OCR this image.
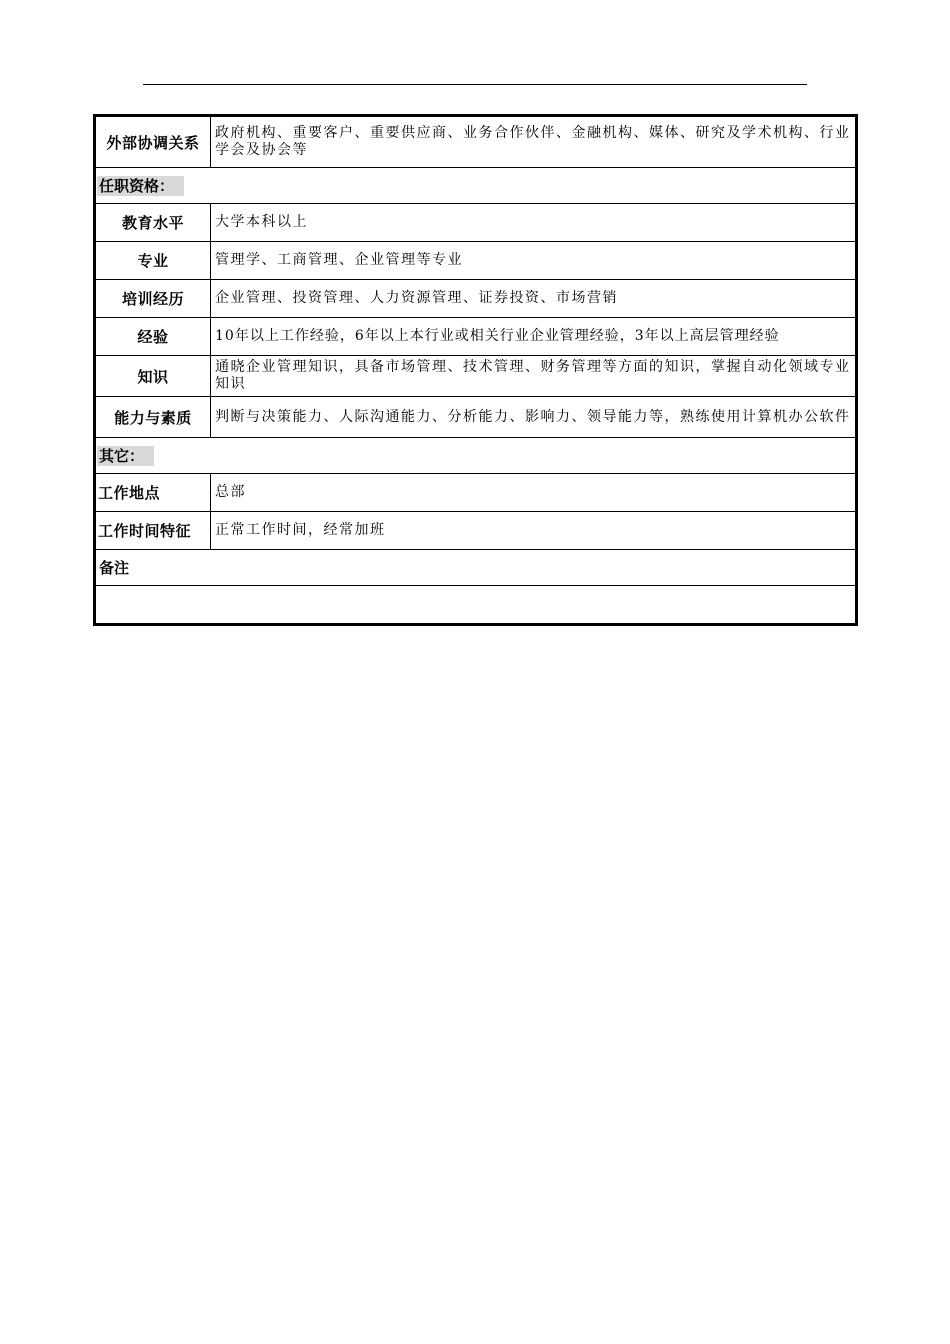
外部协调关系	政府机构、重要客户、重要供应商、业务合作伙伴、金融机构、媒体、研究及学术机构、行业学会及协会等
任职资格：	
教育水平	大学本科以上
专业	管理学、工商管理、企业管理等专业
培训经历	企业管理、投资管理、人力资源管理、证券投资、市场营销
经验	10年以上工作经验，6年以上本行业或相关行业企业管理经验，3年以上高层管理经验
知识	通晓企业管理知识，具备市场管理、技术管理、财务管理等方面的知识，掌握自动化领域专业知识
能力与素质	判断与决策能力、人际沟通能力、分析能力、影响力、领导能力等，熟练使用计算机办公软件
其它：	
工作地点	总部
工作时间特征	正常工作时间，经常加班
备注	
